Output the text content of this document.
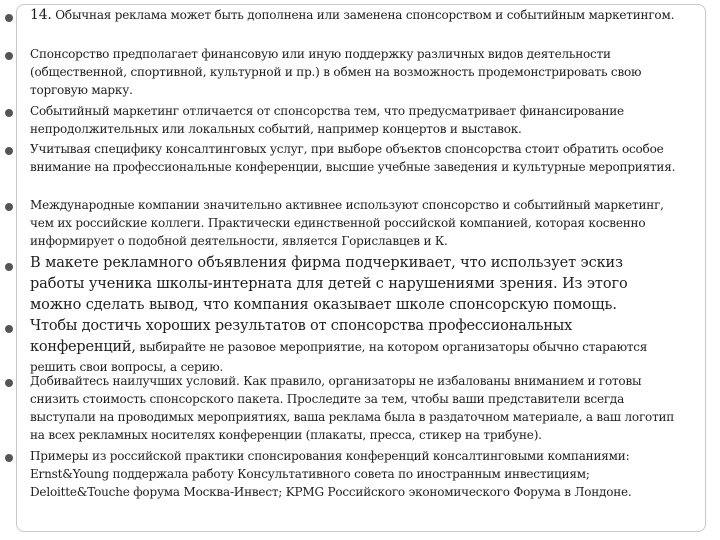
14. Обычная реклама может быть дополнена или заменена спонсорством и событийным маркетингом.
Спонсорство предполагает финансовую или иную поддержку различных видов деятельности (общественной, спортивной, культурной и пр.) в обмен на возможность продемонстрировать свою торговую марку.
Событийный маркетинг отличается от спонсорства тем, что предусматривает финансирование непродолжительных или локальных событий, например концертов и выставок.
Учитывая специфику консалтинговых услуг, при выборе объектов спонсорства стоит обратить особое внимание на профессиональные конференции, высшие учебные заведения и культурные мероприятия.
Международные компании значительно активнее используют спонсорство и событийный маркетинг, чем их российские коллеги. Практически единственной российской компанией, которая косвенно информирует о подобной деятельности, является Гориславцев и К.
В макете рекламного объявления фирма подчеркивает, что использует эскиз работы ученика школы-интерната для детей с нарушениями зрения. Из этого можно сделать вывод, что компания оказывает школе спонсорскую помощь.
Чтобы достичь хороших результатов от спонсорства профессиональных конференций, выбирайте не разовое мероприятие, на котором организаторы обычно стараются решить свои вопросы, а серию.
Добивайтесь наилучших условий. Как правило, организаторы не избалованы вниманием и готовы снизить стоимость спонсорского пакета. Проследите за тем, чтобы ваши представители всегда выступали на проводимых мероприятиях, ваша реклама была в раздаточном материале, а ваш логотип на всех рекламных носителях конференции (плакаты, пресса, стикер на трибуне).
Примеры из российской практики спонсирования конференций консалтинговыми компаниями: Ernst&Young поддержала работу Консультативного совета по иностранным инвестициям; Deloitte&Touche форума Москва-Инвест; KPMG Российского экономического Форума в Лондоне.
